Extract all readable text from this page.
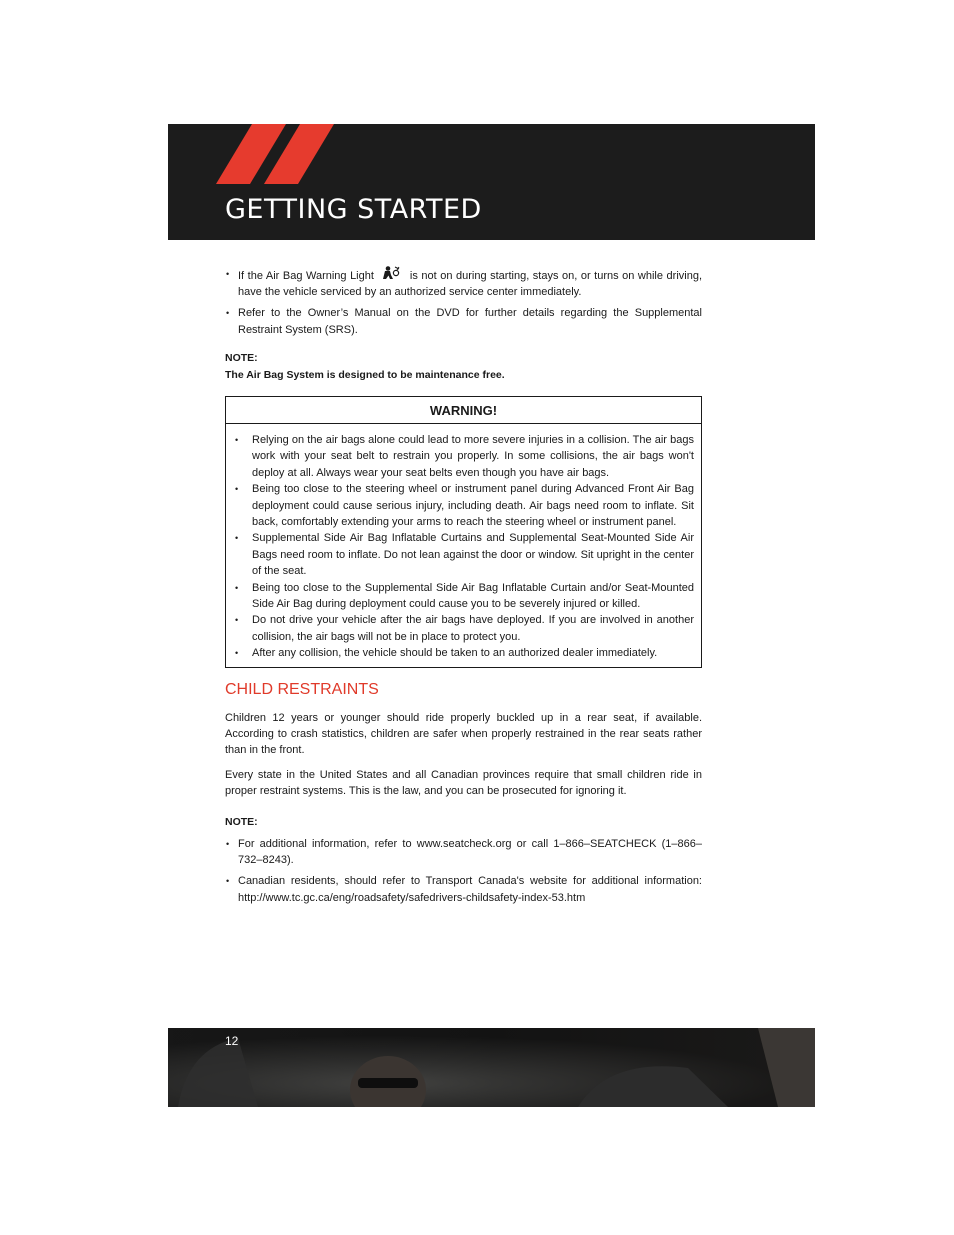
GETTING STARTED
• If the Air Bag Warning Light	is not on during starting, stays on, or turns on while driving, have the vehicle serviced by an authorized service center immediately.
• Refer to the Owner’s Manual on the DVD for further details regarding the Supplemental Restraint System (SRS).
NOTE:
The Air Bag System is designed to be maintenance free.
WARNING!
• Relying on the air bags alone could lead to more severe injuries in a collision. The air bags work with your seat belt to restrain you properly. In some collisions, the air bags won't deploy at all. Always wear your seat belts even though you have air bags.
• Being too close to the steering wheel or instrument panel during Advanced Front Air Bag deployment could cause serious injury, including death. Air bags need room to inflate. Sit back, comfortably extending your arms to reach the steering wheel or instrument panel.
• Supplemental Side Air Bag Inflatable Curtains and Supplemental Seat-Mounted Side Air Bags need room to inflate. Do not lean against the door or window. Sit upright in the center of the seat.
• Being too close to the Supplemental Side Air Bag Inflatable Curtain and/or Seat-Mounted Side Air Bag during deployment could cause you to be severely injured or killed.
• Do not drive your vehicle after the air bags have deployed. If you are involved in another collision, the air bags will not be in place to protect you.
• After any collision, the vehicle should be taken to an authorized dealer immediately.
CHILD RESTRAINTS

Children 12 years or younger should ride properly buckled up in a rear seat, if available. According to crash statistics, children are safer when properly restrained in the rear seats rather than in the front.

Every state in the United States and all Canadian provinces require that small children ride in proper restraint systems. This is the law, and you can be prosecuted for ignoring it.

NOTE:
• For additional information, refer to www.seatcheck.org or call 1–866–SEATCHECK (1–866–732–8243).
• Canadian residents, should refer to Transport Canada's website for additional information: http://www.tc.gc.ca/eng/roadsafety/safedrivers-childsafety-index-53.htm
12
